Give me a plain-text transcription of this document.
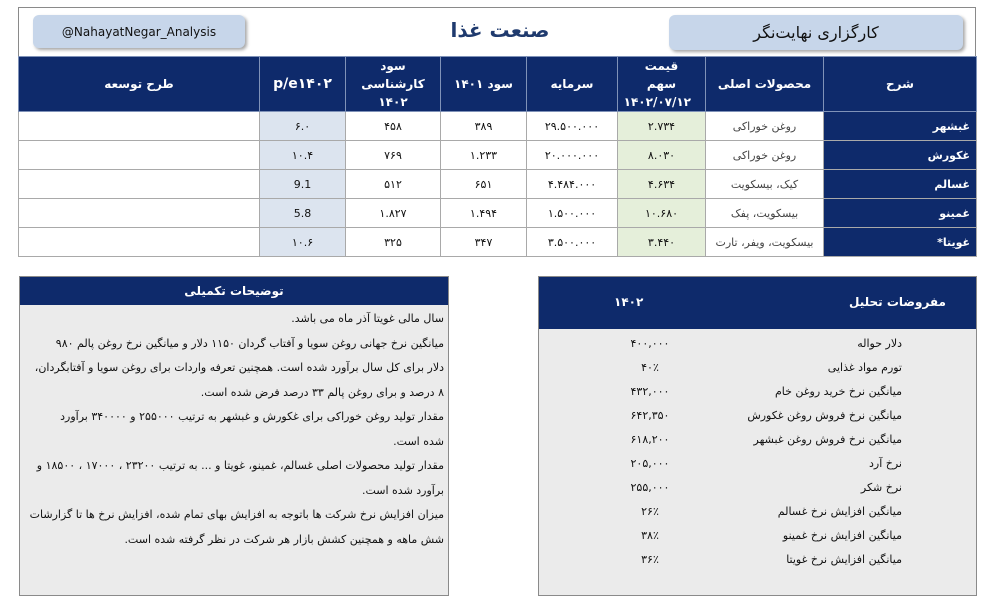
@NahayatNegar_Analysis	صنعت غذا	کارگزاری نهایت‌نگر
شرح	محصولات اصلی	قیمت سهم ۱۴۰۲/۰۷/۱۲	سرمایه	سود ۱۴۰۱	سود کارشناسی ۱۴۰۲	p/e۱۴۰۲	طرح توسعه
غبشهر	روغن خوراکی	۲.۷۳۴	۲۹.۵۰۰.۰۰۰	۳۸۹	۴۵۸	۶.۰	
غکورش	روغن خوراکی	۸.۰۳۰	۲۰.۰۰۰.۰۰۰	۱.۲۳۳	۷۶۹	۱۰.۴	
غسالم	کیک، بیسکویت	۴.۶۳۴	۴.۴۸۴.۰۰۰	۶۵۱	۵۱۲	9.1	
غمینو	بیسکویت، پفک	۱۰.۶۸۰	۱.۵۰۰.۰۰۰	۱.۴۹۴	۱.۸۲۷	5.8	
غویتا*	بیسکویت، ویفر، تارت	۳.۴۴۰	۳.۵۰۰.۰۰۰	۳۴۷	۳۲۵	۱۰.۶	
مفروضات تحلیل
۱۴۰۲
دلار حواله
۴۰۰,۰۰۰
تورم مواد غذایی
۴۰٪
میانگین نرخ خرید روغن خام
۴۳۲,۰۰۰
میانگین نرخ فروش روغن غکورش
۶۴۲,۳۵۰
میانگین نرخ فروش روغن غبشهر
۶۱۸,۲۰۰
نرخ آرد
۲۰۵,۰۰۰
نرخ شکر
۲۵۵,۰۰۰
میانگین افزایش نرخ غسالم
۲۶٪
میانگین افزایش نرخ غمینو
۳۸٪
میانگین افزایش نرخ غویتا
۳۶٪
توضیحات تکمیلی

سال مالی غویتا آذر ماه می باشد.

میانگین نرخ جهانی روغن سویا و آفتاب گردان ۱۱۵۰ دلار و میانگین نرخ روغن پالم ۹۸۰

دلار برای کل سال برآورد شده است. همچنین تعرفه واردات برای روغن سویا و آفتابگردان،

۸ درصد و برای روغن پالم ۳۳ درصد فرض شده است.

مقدار تولید روغن خوراکی برای غکورش و غبشهر به ترتیب ۲۵۵۰۰۰ و ۳۴۰۰۰۰ برآورد

شده است.

مقدار تولید محصولات اصلی غسالم، غمینو، غویتا و ... به ترتیب ۲۳۲۰۰ ، ۱۷۰۰۰ ، ۱۸۵۰۰ و

برآورد شده است.

میزان افزایش نرخ شرکت ها باتوجه به افزایش بهای تمام شده، افزایش نرخ ها تا گزارشات

شش ماهه و همچنین کشش بازار هر شرکت در نظر گرفته شده است.
